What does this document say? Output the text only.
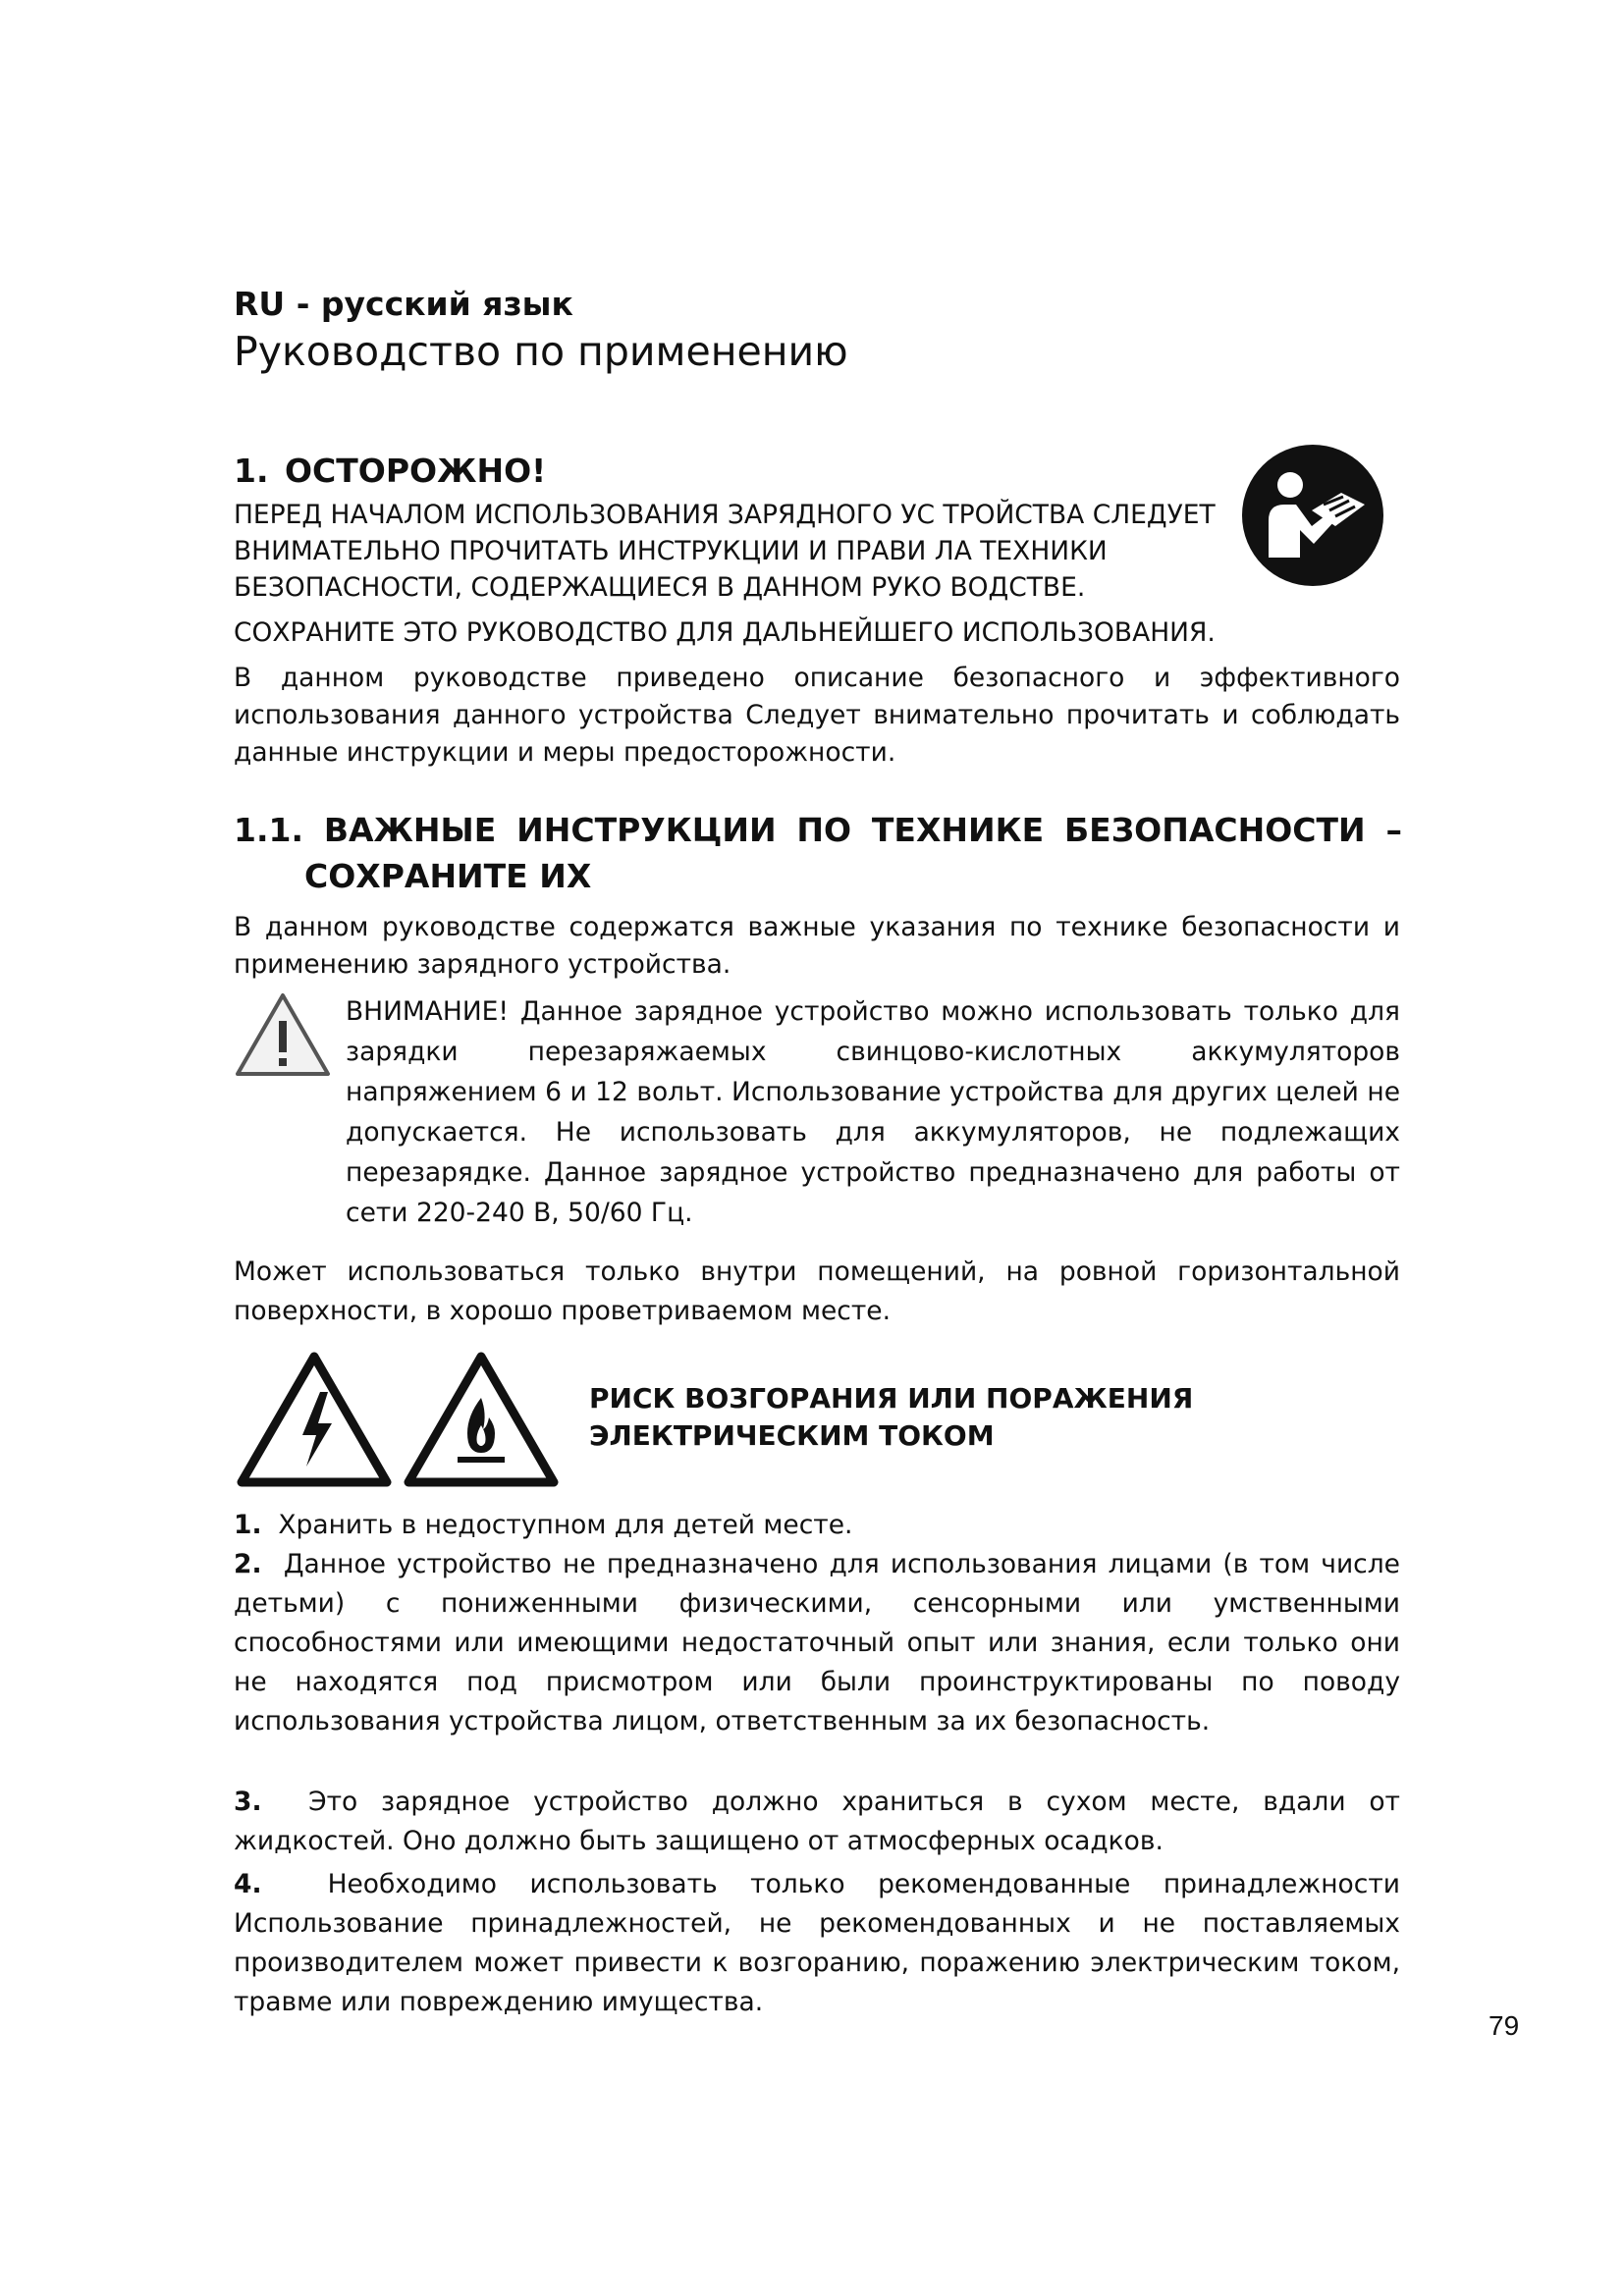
RU - русский язык
Руководство по применению
1. ОСТОРОЖНО!
ПЕРЕД НАЧАЛОМ ИСПОЛЬЗОВАНИЯ ЗАРЯДНОГО УС ТРОЙСТВА СЛЕДУЕТ
ВНИМАТЕЛЬНО ПРОЧИТАТЬ ИНСТРУКЦИИ И ПРАВИ ЛА ТЕХНИКИ
БЕЗОПАСНОСТИ, СОДЕРЖАЩИЕСЯ В ДАННОМ РУКО ВОДСТВЕ.
СОХРАНИТЕ ЭТО РУКОВОДСТВО ДЛЯ ДАЛЬНЕЙШЕГО ИСПОЛЬЗОВАНИЯ.
В данном руководстве приведено описание безопасного и эффективного использования данного устройства Следует внимательно прочитать и соблюдать данные инструкции и меры предосторожности.
1.1. ВАЖНЫЕ ИНСТРУКЦИИ ПО ТЕХНИКЕ БЕЗОПАСНОСТИ –
СОХРАНИТЕ ИХ
В данном руководстве содержатся важные указания по технике безопасности и применению зарядного устройства.
ВНИМАНИЕ! Данное зарядное устройство можно использовать только для зарядки перезаряжаемых свинцово-кислотных аккумуляторов напряжением 6 и 12 вольт. Использование устройства для других целей не допускается. Не использовать для аккумуляторов, не подлежащих перезарядке. Данное зарядное устройство предназначено для работы от сети 220-240 В, 50/60 Гц.
Может использоваться только внутри помещений, на ровной горизонтальной поверхности, в хорошо проветриваемом месте.
РИСК ВОЗГОРАНИЯ ИЛИ ПОРАЖЕНИЯ ЭЛЕКТРИЧЕСКИМ ТОКОМ
1. Хранить в недоступном для детей месте.
2. Данное устройство не предназначено для использования лицами (в том числе детьми) с пониженными физическими, сенсорными или умственными способностями или имеющими недостаточный опыт или знания, если только они не находятся под присмотром или были проинструктированы по поводу использования устройства лицом, ответственным за их безопасность.
3. Это зарядное устройство должно храниться в сухом месте, вдали от жидкостей. Оно должно быть защищено от атмосферных осадков.
4.	Необходимо использовать только рекомендованные принадлежности Использование принадлежностей, не рекомендованных и не поставляемых производителем может привести к возгоранию, поражению электрическим током, травме или повреждению имущества.
79
